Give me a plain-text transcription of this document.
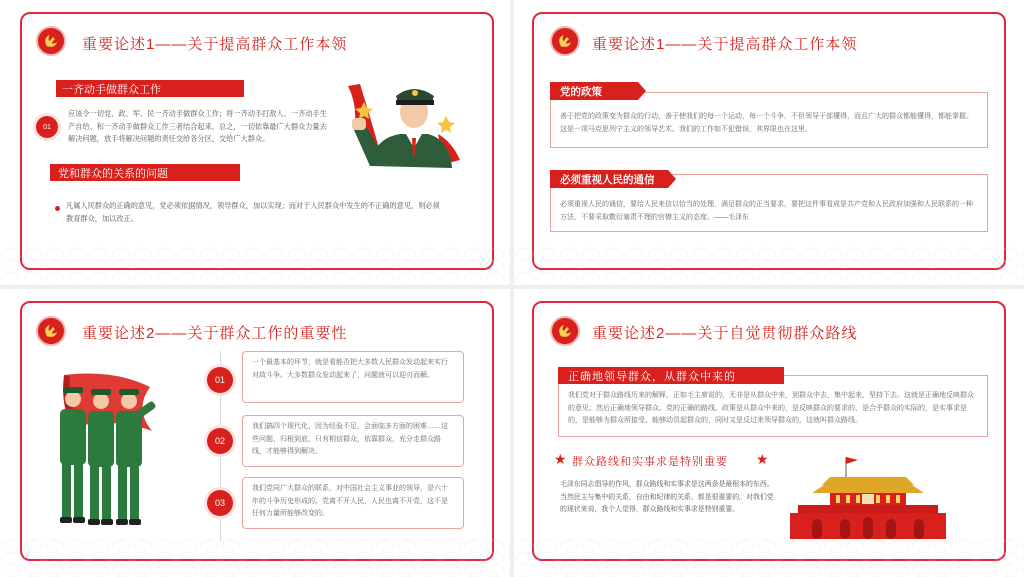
重要论述1——关于提高群众工作本领
一齐动手做群众工作
01
应该令一切党、政、军、民一齐动手做群众工作；将一齐动手打敌人、一齐动手生产自给、和一齐动手做群众工作三者结合起来。总之，一切依靠最广大群众力量去解决问题，放手将解决问题的责任交给各分区，交给广大群众。
党和群众的关系的问题
凡属人民群众的正确的意见，党必须依据情况，领导群众，加以实现；而对于人民群众中发生的不正确的意见，则必须教育群众，加以改正。
重要论述1——关于提高群众工作本领
善于把党的政策变为群众的行动，善于使我们的每一个运动，每一个斗争，不但领导干部懂得，而且广大的群众都能懂得，都能掌握。这是一项马克思列宁主义的领导艺术。我们的工作如不犯错误，其界限也在这里。
党的政策
必须重视人民的通信，要给人民来信以恰当的处理，满足群众的正当要求，要把这件事看成是共产党和人民政府加强和人民联系的一种方法，不要采取敷衍塞责不理的官僚主义的态度。——毛泽东
必须重视人民的通信
重要论述2——关于群众工作的重要性
01
一个最基本的环节，就是看能否把大多数人民群众发动起来实行对敌斗争。大多数群众发动起来了，问题就可以迎刃而解。
02
我们搞四个现代化，因为经验不足，会面临多方面的困难……这些问题，归根到底，只有相信群众，依靠群众，充分走群众路线，才能够得到解决。
03
我们党同广大群众的联系，对中国社会主义事业的领导，是六十年的斗争历史形成的。党离不开人民，人民也离不开党，这不是任何力量所能够改变的。
重要论述2——关于自觉贯彻群众路线
我们党对于群众路线历来的解释，正如毛主席说的，无非是从群众中来，到群众中去，集中起来，坚持下去。这就是正确地反映群众的意见；然后正确地领导群众。党的正确的路线、政策是从群众中来的，是反映群众的要求的，是合乎群众的实际的，是实事求是的，是能够为群众所接受、能够动员起群众的，同时又是反过来领导群众的，这就叫群众路线。
正确地领导群众，从群众中来的
★ 群众路线和实事求是特别重要 ★
毛泽东同志倡导的作风，群众路线和实事求是这两条是最根本的东西。当然民主与集中的关系，自由和纪律的关系，都是很重要的。对我们党的现状来说，我个人觉得，群众路线和实事求是特别重要。
